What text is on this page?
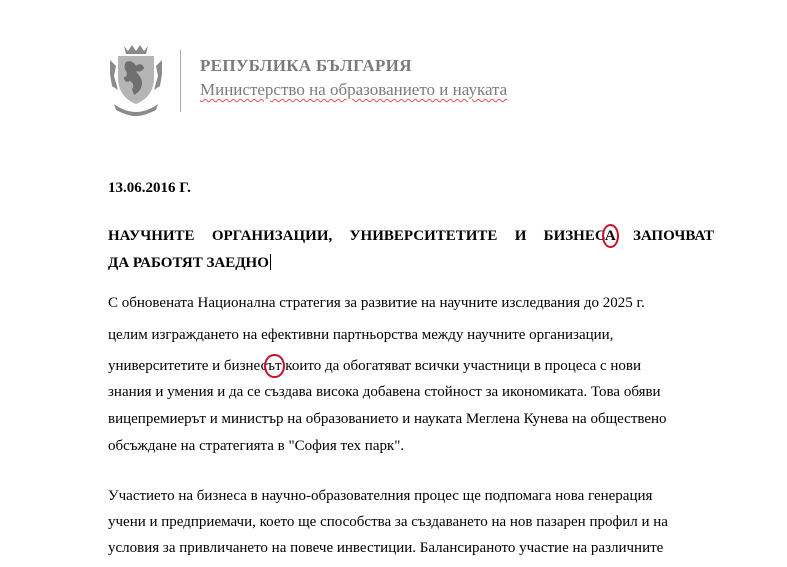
РЕПУБЛИКА БЪЛГАРИЯ
Министерство на образованието и науката
13.06.2016 Г.
НАУЧНИТЕ ОРГАНИЗАЦИИ, УНИВЕРСИТЕТИТЕ И БИЗНЕСА ЗАПОЧВАТ
ДА РАБОТЯТ ЗАЕДНО
С обновената Национална стратегия за развитие на научните изследвания до 2025 г.
целим изграждането на ефективни партньорства между научните организации,
университетите и бизнесът които да обогатяват всички участници в процеса с нови
знания и умения и да се създава висока добавена стойност за икономиката. Това обяви
вицепремиерът и министър на образованието и науката Меглена Кунева на обществено
обсъждане на стратегията в "София тех парк".
Участието на бизнеса в научно-образователния процес ще подпомага нова генерация
учени и предприемачи, което ще способства за създаването на нов пазарен профил и на
условия за привличането на повече инвестиции. Балансираното участие на различните
